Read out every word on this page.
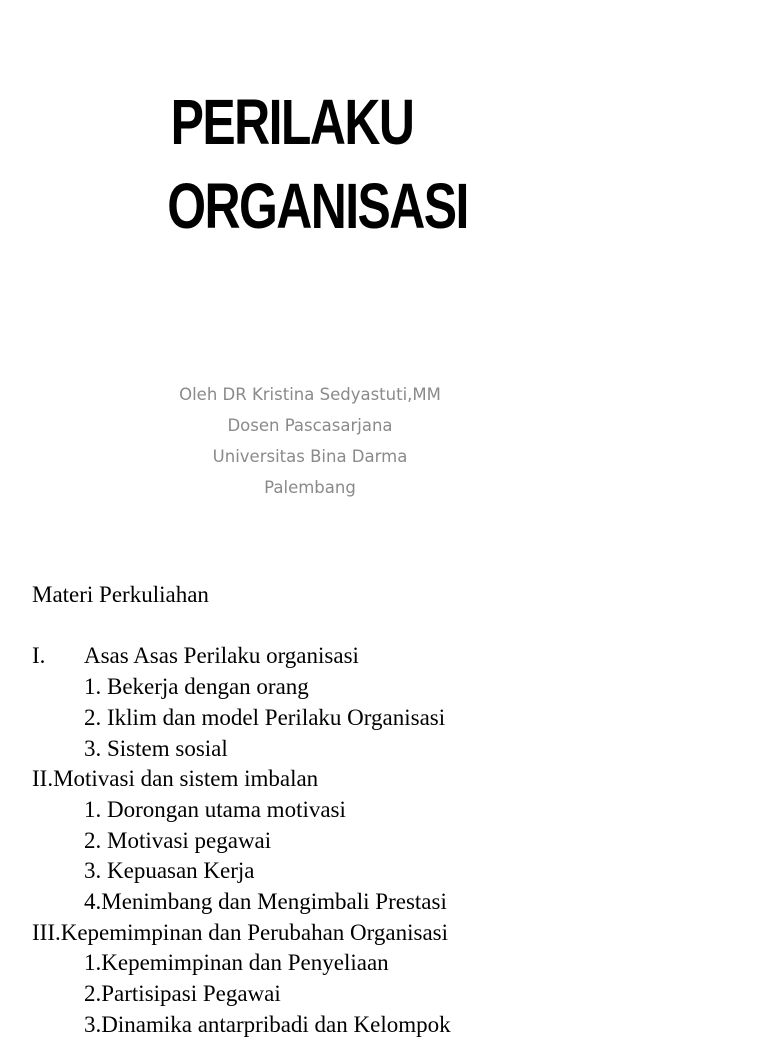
PERILAKU
ORGANISASI
Oleh DR Kristina Sedyastuti,MM
Dosen Pascasarjana
Universitas Bina Darma
Palembang
Materi Perkuliahan
I. Asas Asas Perilaku organisasi
1. Bekerja dengan orang
2. Iklim dan model Perilaku Organisasi
3. Sistem sosial
II.Motivasi dan sistem imbalan
1. Dorongan utama motivasi
2. Motivasi pegawai
3. Kepuasan Kerja
4.Menimbang dan Mengimbali Prestasi
III.Kepemimpinan dan Perubahan Organisasi
1.Kepemimpinan dan Penyeliaan
2.Partisipasi Pegawai
3.Dinamika antarpribadi dan Kelompok
